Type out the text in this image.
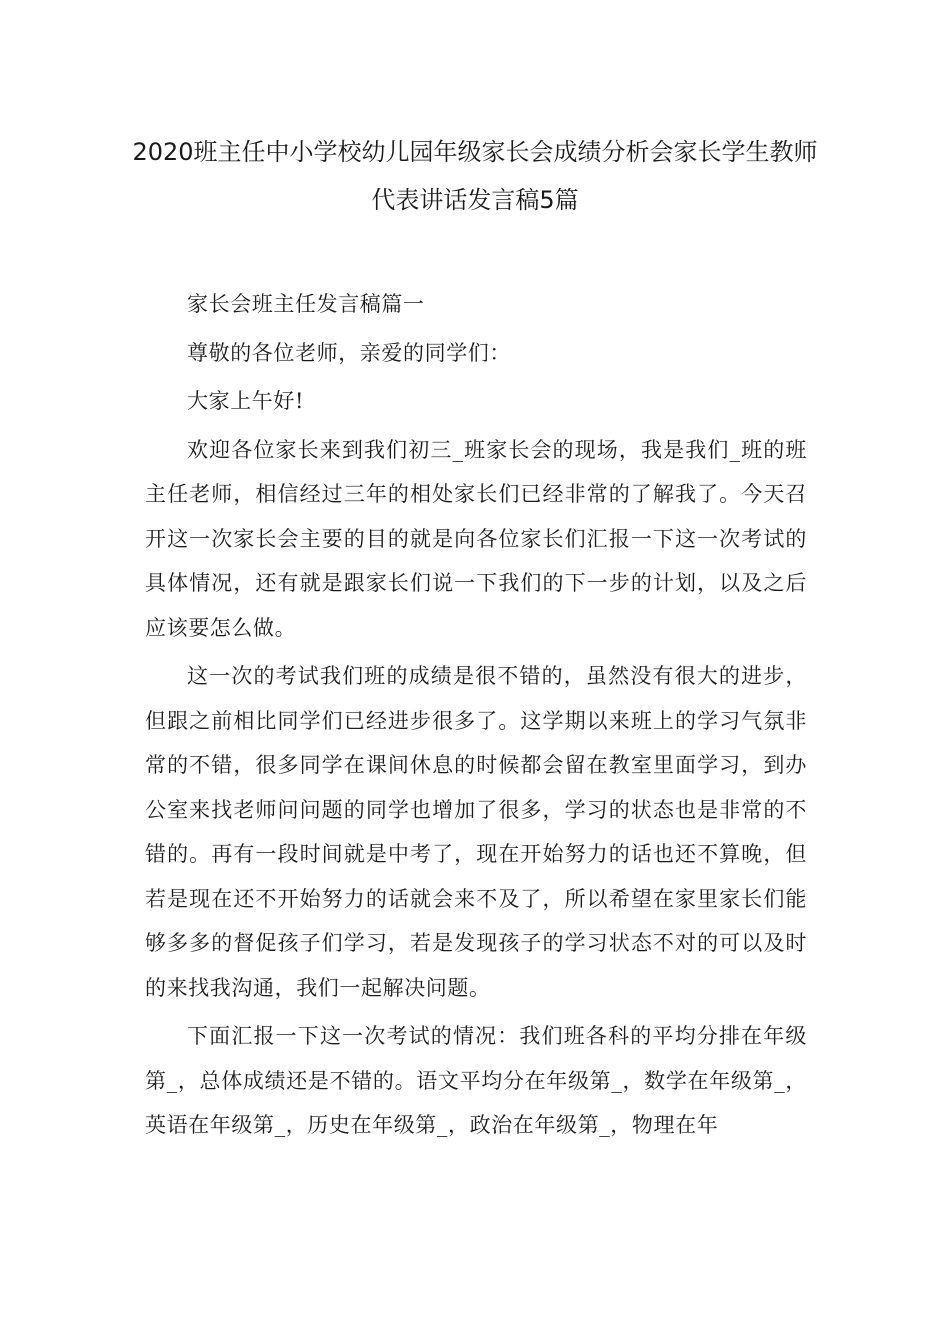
2020班主任中小学校幼儿园年级家长会成绩分析会家长学生教师
代表讲话发言稿5篇

家长会班主任发言稿篇一

尊敬的各位老师，亲爱的同学们：

大家上午好!

欢迎各位家长来到我们初三_班家长会的现场，我是我们_班的班主任老师，相信经过三年的相处家长们已经非常的了解我了。今天召开这一次家长会主要的目的就是向各位家长们汇报一下这一次考试的具体情况，还有就是跟家长们说一下我们的下一步的计划，以及之后应该要怎么做。

这一次的考试我们班的成绩是很不错的，虽然没有很大的进步，但跟之前相比同学们已经进步很多了。这学期以来班上的学习气氛非常的不错，很多同学在课间休息的时候都会留在教室里面学习，到办公室来找老师问问题的同学也增加了很多，学习的状态也是非常的不错的。再有一段时间就是中考了，现在开始努力的话也还不算晚，但若是现在还不开始努力的话就会来不及了，所以希望在家里家长们能够多多的督促孩子们学习，若是发现孩子的学习状态不对的可以及时的来找我沟通，我们一起解决问题。

下面汇报一下这一次考试的情况：我们班各科的平均分排在年级第_，总体成绩还是不错的。语文平均分在年级第_，数学在年级第_，英语在年级第_，历史在年级第_，政治在年级第_，物理在年
